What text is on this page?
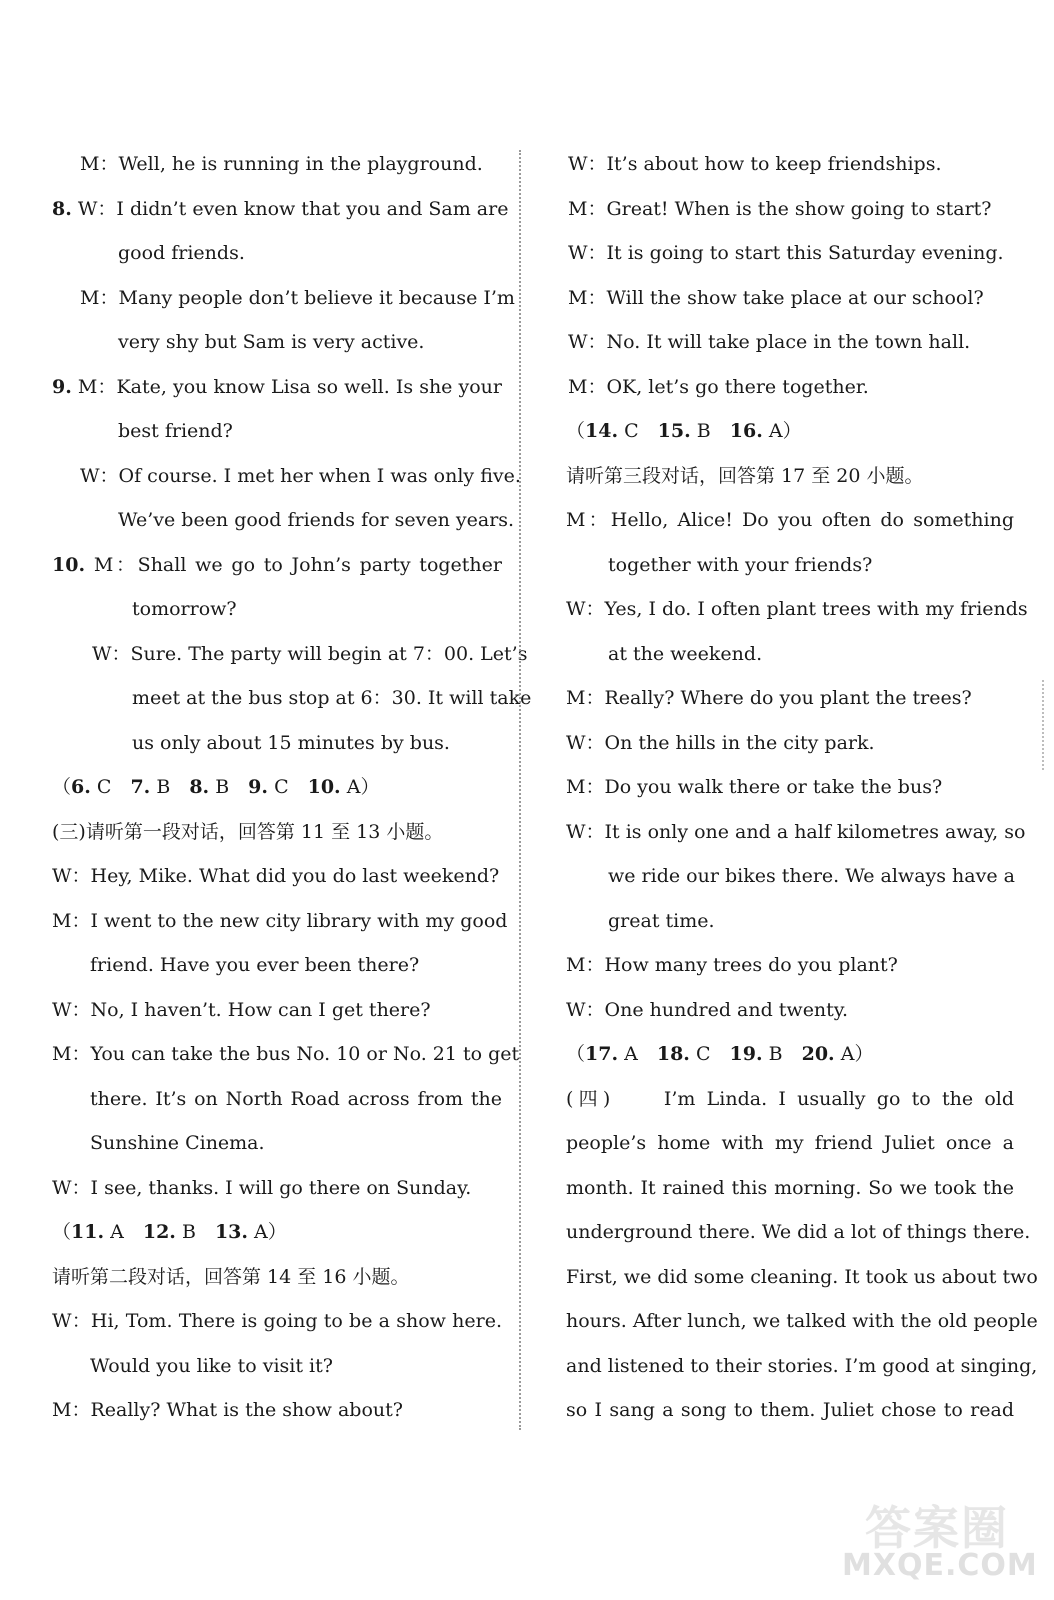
M：Well, he is running in the playground.
8. W：I didn’t even know that you and Sam are
good friends.
M：Many people don’t believe it because I’m
very shy but Sam is very active.
9. M：Kate, you know Lisa so well. Is she your
best friend?
W：Of course. I met her when I was only five.
We’ve been good friends for seven years.
10. M：Shall we go to John’s party together
tomorrow?
W：Sure. The party will begin at 7：00. Let’s
meet at the bus stop at 6：30. It will take
us only about 15 minutes by bus.
（6. C  7. B  8. B  9. C  10. A）
(三)请听第一段对话，回答第 11 至 13 小题。
W：Hey, Mike. What did you do last weekend?
M：I went to the new city library with my good
friend. Have you ever been there?
W：No, I haven’t. How can I get there?
M：You can take the bus No. 10 or No. 21 to get
there. It’s on North Road across from the
Sunshine Cinema.
W：I see, thanks. I will go there on Sunday.
（11. A  12. B  13. A）
请听第二段对话，回答第 14 至 16 小题。
W：Hi, Tom. There is going to be a show here.
Would you like to visit it?
M：Really? What is the show about?
W：It’s about how to keep friendships.
M：Great! When is the show going to start?
W：It is going to start this Saturday evening.
M：Will the show take place at our school?
W：No. It will take place in the town hall.
M：OK, let’s go there together.
（14. C  15. B  16. A）
请听第三段对话，回答第 17 至 20 小题。
M：Hello, Alice! Do you often do something
together with your friends?
W：Yes, I do. I often plant trees with my friends
at the weekend.
M：Really? Where do you plant the trees?
W：On the hills in the city park.
M：Do you walk there or take the bus?
W：It is only one and a half kilometres away, so
we ride our bikes there. We always have a
great time.
M：How many trees do you plant?
W：One hundred and twenty.
（17. A  18. C  19. B  20. A）
(四)　　I’m Linda. I usually go to the old
people’s home with my friend Juliet once a
month. It rained this morning. So we took the
underground there. We did a lot of things there.
First, we did some cleaning. It took us about two
hours. After lunch, we talked with the old people
and listened to their stories. I’m good at singing,
so I sang a song to them. Juliet chose to read
答案圈
MXQE.COM
